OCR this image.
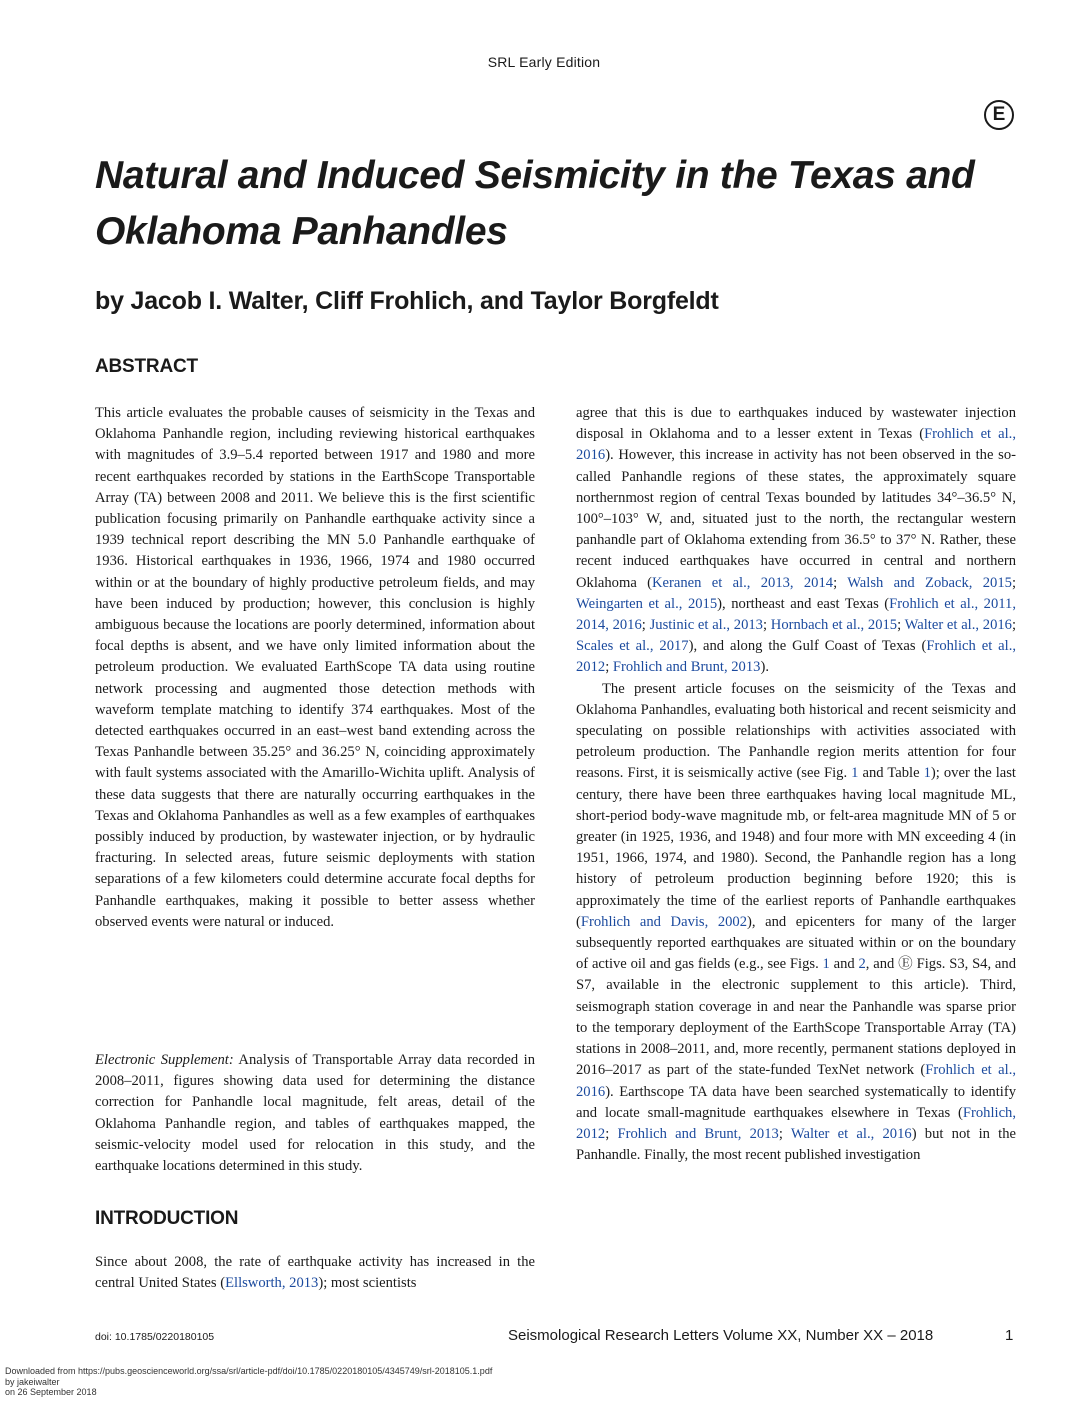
SRL Early Edition
E
Natural and Induced Seismicity in the Texas and Oklahoma Panhandles
by Jacob I. Walter, Cliff Frohlich, and Taylor Borgfeldt
ABSTRACT

This article evaluates the probable causes of seismicity in the Texas and Oklahoma Panhandle region, including reviewing historical earthquakes with magnitudes of 3.9–5.4 reported between 1917 and 1980 and more recent earthquakes recorded by stations in the EarthScope Transportable Array (TA) between 2008 and 2011. We believe this is the first scientific publication focusing primarily on Panhandle earthquake activity since a 1939 technical report describing the MN 5.0 Panhandle earthquake of 1936. Historical earthquakes in 1936, 1966, 1974 and 1980 occurred within or at the boundary of highly productive petroleum fields, and may have been induced by production; however, this conclusion is highly ambiguous because the locations are poorly determined, information about focal depths is absent, and we have only limited information about the petroleum production. We evaluated EarthScope TA data using routine network processing and augmented those detection methods with waveform template matching to identify 374 earthquakes. Most of the detected earthquakes occurred in an east–west band extending across the Texas Panhandle between 35.25° and 36.25° N, coinciding approximately with fault systems associated with the Amarillo-Wichita uplift. Analysis of these data suggests that there are naturally occurring earthquakes in the Texas and Oklahoma Panhandles as well as a few examples of earthquakes possibly induced by production, by wastewater injection, or by hydraulic fracturing. In selected areas, future seismic deployments with station separations of a few kilometers could determine accurate focal depths for Panhandle earthquakes, making it possible to better assess whether observed events were natural or induced.

Electronic Supplement: Analysis of Transportable Array data recorded in 2008–2011, figures showing data used for determining the distance correction for Panhandle local magnitude, felt areas, detail of the Oklahoma Panhandle region, and tables of earthquakes mapped, the seismic-velocity model used for relocation in this study, and the earthquake locations determined in this study.

INTRODUCTION

Since about 2008, the rate of earthquake activity has increased in the central United States (Ellsworth, 2013); most scientists

agree that this is due to earthquakes induced by wastewater injection disposal in Oklahoma and to a lesser extent in Texas (Frohlich et al., 2016). However, this increase in activity has not been observed in the so-called Panhandle regions of these states, the approximately square northernmost region of central Texas bounded by latitudes 34°–36.5° N, 100°–103° W, and, situated just to the north, the rectangular western panhandle part of Oklahoma extending from 36.5° to 37° N. Rather, these recent induced earthquakes have occurred in central and northern Oklahoma (Keranen et al., 2013, 2014; Walsh and Zoback, 2015; Weingarten et al., 2015), northeast and east Texas (Frohlich et al., 2011, 2014, 2016; Justinic et al., 2013; Hornbach et al., 2015; Walter et al., 2016; Scales et al., 2017), and along the Gulf Coast of Texas (Frohlich et al., 2012; Frohlich and Brunt, 2013).

The present article focuses on the seismicity of the Texas and Oklahoma Panhandles, evaluating both historical and recent seismicity and speculating on possible relationships with activities associated with petroleum production. The Panhandle region merits attention for four reasons. First, it is seismically active (see Fig. 1 and Table 1); over the last century, there have been three earthquakes having local magnitude ML, short-period body-wave magnitude mb, or felt-area magnitude MN of 5 or greater (in 1925, 1936, and 1948) and four more with MN exceeding 4 (in 1951, 1966, 1974, and 1980). Second, the Panhandle region has a long history of petroleum production beginning before 1920; this is approximately the time of the earliest reports of Panhandle earthquakes (Frohlich and Davis, 2002), and epicenters for many of the larger subsequently reported earthquakes are situated within or on the boundary of active oil and gas fields (e.g., see Figs. 1 and 2, and Ⓔ Figs. S3, S4, and S7, available in the electronic supplement to this article). Third, seismograph station coverage in and near the Panhandle was sparse prior to the temporary deployment of the EarthScope Transportable Array (TA) stations in 2008–2011, and, more recently, permanent stations deployed in 2016–2017 as part of the state-funded TexNet network (Frohlich et al., 2016). Earthscope TA data have been searched systematically to identify and locate small-magnitude earthquakes elsewhere in Texas (Frohlich, 2012; Frohlich and Brunt, 2013; Walter et al., 2016) but not in the Panhandle. Finally, the most recent published investigation

doi: 10.1785/0220180105	Seismological Research Letters Volume XX, Number XX – 2018	1
Downloaded from https://pubs.geoscienceworld.org/ssa/srl/article-pdf/doi/10.1785/0220180105/4345749/srl-2018105.1.pdf
by jakeiwalter
on 26 September 2018
